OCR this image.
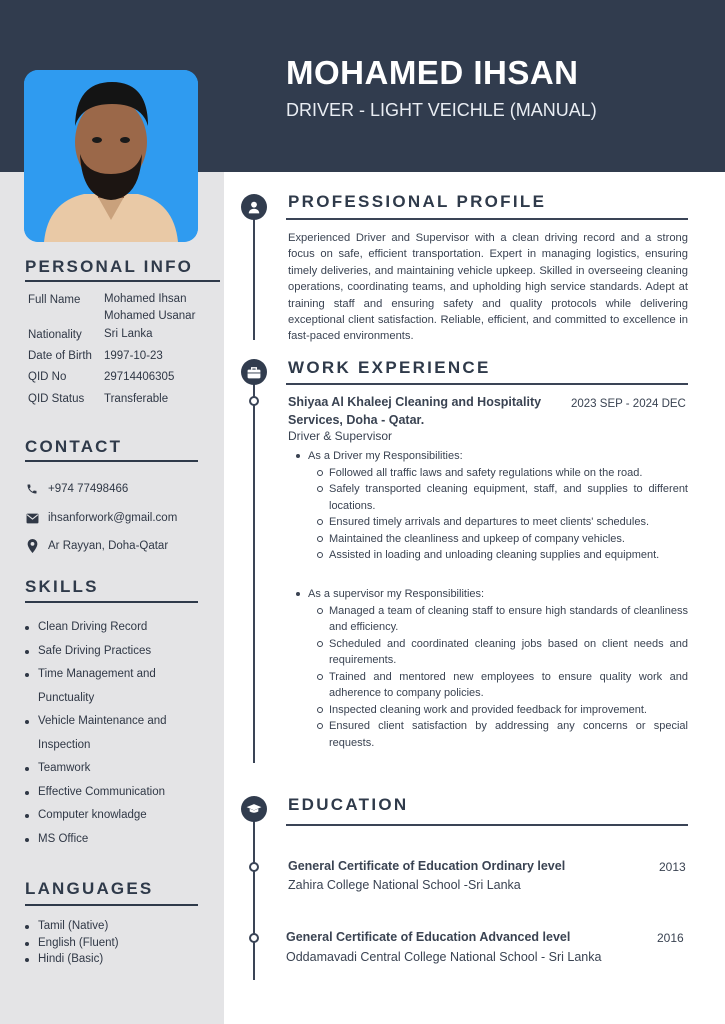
MOHAMED IHSAN
DRIVER - LIGHT VEICHLE (MANUAL)
PERSONAL INFO
Full Name Mohamed Ihsan
Mohamed Usanar
Nationality Sri Lanka
Date of Birth 1997-10-23
QID No	29714406305
QID Status Transferable
CONTACT
+974 77498466
ihsanforwork@gmail.com
Ar Rayyan, Doha-Qatar
SKILLS
Clean Driving Record
Safe Driving Practices
Time Management and
Punctuality
Vehicle Maintenance and
Inspection
Teamwork
Effective Communication
Computer knowladge
MS Office
LANGUAGES
Tamil (Native)
English (Fluent)
Hindi (Basic)
PROFESSIONAL PROFILE
Experienced Driver and Supervisor with a clean driving record and a strong focus on safe, efficient transportation. Expert in managing logistics, ensuring timely deliveries, and maintaining vehicle upkeep. Skilled in overseeing cleaning operations, coordinating teams, and upholding high service standards. Adept at training staff and ensuring safety and quality protocols while delivering exceptional client satisfaction. Reliable, efficient, and committed to excellence in fast-paced environments.
WORK EXPERIENCE
Shiyaa Al Khaleej Cleaning and Hospitality Services, Doha - Qatar.
2023 SEP - 2024 DEC
Driver & Supervisor
As a Driver my Responsibilities:
Followed all traffic laws and safety regulations while on the road.
Safely transported cleaning equipment, staff, and supplies to different locations.
Ensured timely arrivals and departures to meet clients' schedules.
Maintained the cleanliness and upkeep of company vehicles.
Assisted in loading and unloading cleaning supplies and equipment.
As a supervisor my Responsibilities:
Managed a team of cleaning staff to ensure high standards of cleanliness and efficiency.
Scheduled and coordinated cleaning jobs based on client needs and requirements.
Trained and mentored new employees to ensure quality work and adherence to company policies.
Inspected cleaning work and provided feedback for improvement.
Ensured client satisfaction by addressing any concerns or special requests.
EDUCATION
General Certificate of Education Ordinary level	2013
Zahira College National School -Sri Lanka
General Certificate of Education Advanced level	2016
Oddamavadi Central College National School - Sri Lanka
